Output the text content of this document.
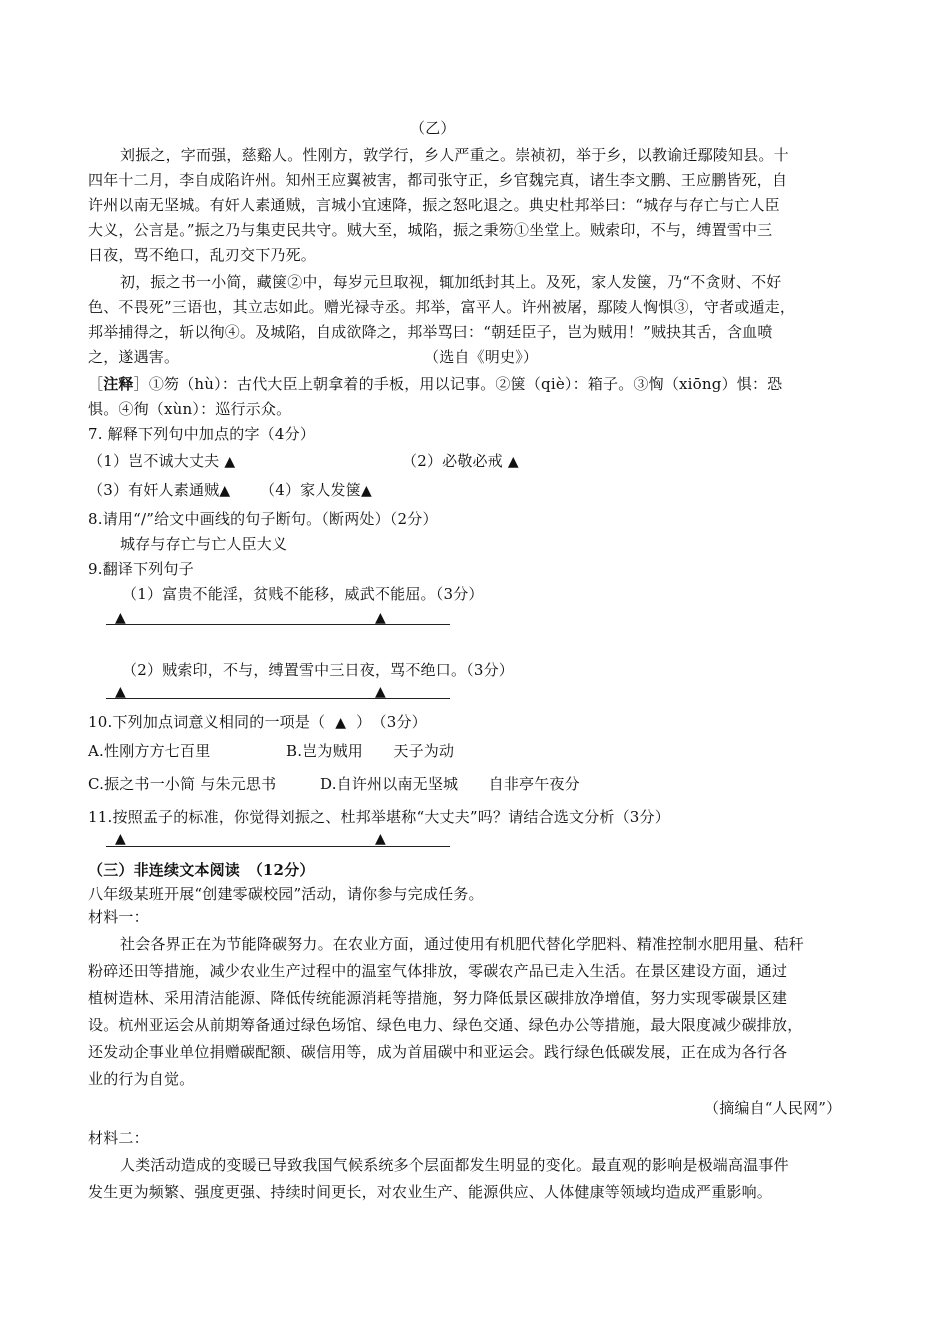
（乙）
刘振之，字而强，慈谿人。性刚方，敦学行，乡人严重之。崇祯初，举于乡，以教谕迁鄢陵知县。十
四年十二月，李自成陷许州。知州王应翼被害，都司张守正，乡官魏完真，诸生李文鹏、王应鹏皆死，自
许州以南无坚城。有奸人素通贼，言城小宜速降，振之怒叱退之。典史杜邦举曰：“城存与存亡与亡人臣
大义，公言是。”振之乃与集吏民共守。贼大至，城陷，振之秉笏①坐堂上。贼索印，不与，缚置雪中三
日夜，骂不绝口，乱刃交下乃死。
初，振之书一小简，藏箧②中，每岁元旦取视，辄加纸封其上。及死，家人发箧，乃“不贪财、不好
色、不畏死”三语也，其立志如此。赠光禄寺丞。邦举，富平人。许州被屠，鄢陵人恟惧③，守者或遁走，
邦举捕得之，斩以徇④。及城陷，自成欲降之，邦举骂曰：“朝廷臣子，岂为贼用！”贼抉其舌，含血喷
之，遂遇害。	（选自《明史》）
［注释］①笏（hù）：古代大臣上朝拿着的手板，用以记事。②箧（qiè）：箱子。③恟（xiōng）惧：恐
惧。④徇（xùn）：巡行示众。
7. 解释下列句中加点的字（4分）
（1）岂不诚大丈夫 ▲	（2）必敬必戒 ▲
（3）有奸人素通贼▲ （4）家人发箧▲
8.请用“/”给文中画线的句子断句。（断两处）（2分）
城存与存亡与亡人臣大义
9.翻译下列句子
（1）富贵不能淫，贫贱不能移，威武不能屈。（3分）
▲	▲
（2）贼索印，不与，缚置雪中三日夜，骂不绝口。（3分）
▲	▲
10.下列加点词意义相同的一项是（ ▲ ）　（3分）
A.性刚方方七百里	B.岂为贼用　　天子为动
C.振之书一小简 与朱元思书	D.自许州以南无坚城　　自非亭午夜分
11.按照孟子的标准，你觉得刘振之、杜邦举堪称“大丈夫”吗？请结合选文分析（3分）
▲	▲
（三）非连续文本阅读　（12分）
八年级某班开展“创建零碳校园”活动，请你参与完成任务。
材料一：
社会各界正在为节能降碳努力。在农业方面，通过使用有机肥代替化学肥料、精准控制水肥用量、秸秆
粉碎还田等措施，减少农业生产过程中的温室气体排放，零碳农产品已走入生活。在景区建设方面，通过
植树造林、采用清洁能源、降低传统能源消耗等措施，努力降低景区碳排放净增值，努力实现零碳景区建
设。杭州亚运会从前期筹备通过绿色场馆、绿色电力、绿色交通、绿色办公等措施，最大限度减少碳排放，
还发动企事业单位捐赠碳配额、碳信用等，成为首届碳中和亚运会。践行绿色低碳发展，正在成为各行各
业的行为自觉。
（摘编自“人民网”）
材料二：
人类活动造成的变暖已导致我国气候系统多个层面都发生明显的变化。最直观的影响是极端高温事件
发生更为频繁、强度更强、持续时间更长，对农业生产、能源供应、人体健康等领域均造成严重影响。
